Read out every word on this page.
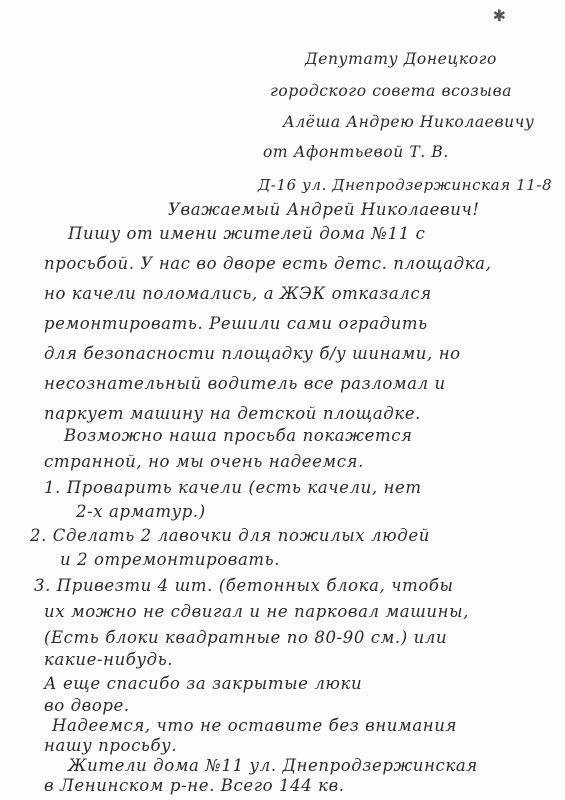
✱
Депутату Донецкого
городского совета всозыва
Алёша Андрею Николаевичу
от Афонтьевой Т. В.
Д-16 ул. Днепродзержинская 11-8
Уважаемый Андрей Николаевич!
Пишу от имени жителей дома №11 с
просьбой. У нас во дворе есть детс. площадка,
но качели поломались, а ЖЭК отказался
ремонтировать. Решили сами оградить
для безопасности площадку б/у шинами, но
несознательный водитель все разломал и
паркует машину на детской площадке.
Возможно наша просьба покажется
странной, но мы очень надеемся.
1. Проварить качели (есть качели, нет
2-х арматур.)
2. Сделать 2 лавочки для пожилых людей
и 2 отремонтировать.
3. Привезти 4 шт. (бетонных блока, чтобы
их можно не сдвигал и не парковал машины,
(Есть блоки квадратные по 80-90 см.) или
какие-нибудь.
А еще спасибо за закрытые люки
во дворе.
Надеемся, что не оставите без внимания
нашу просьбу.
Жители дома №11 ул. Днепродзержинская
в Ленинском р-не. Всего 144 кв.
